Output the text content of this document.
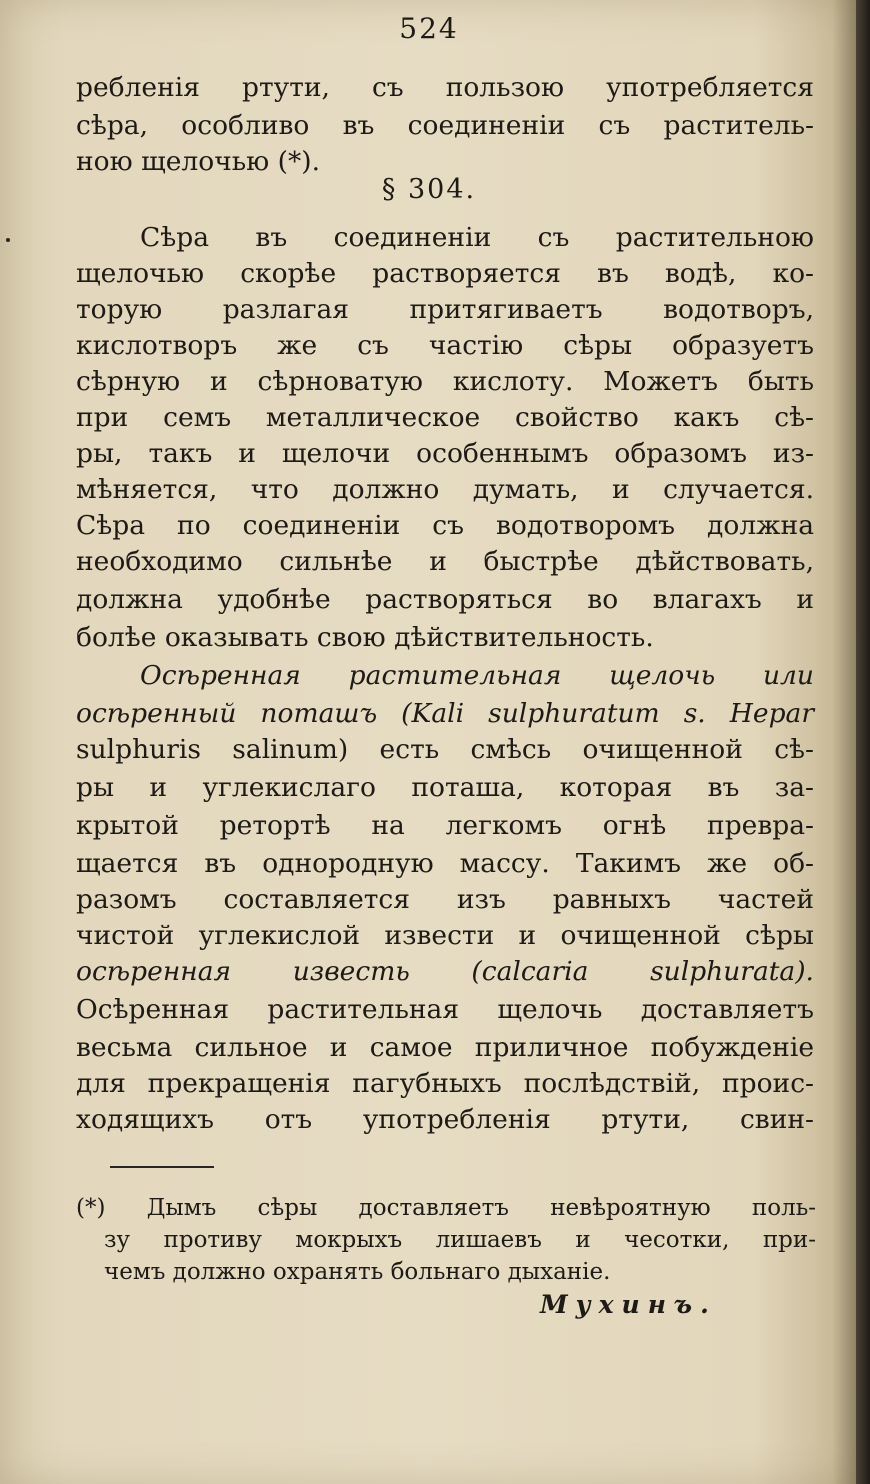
524
ребленія ртути, съ пользою употребляется
сѣра, особливо въ соединеніи съ раститель-
ною щелочью (*).
§ 304.
Сѣра въ соединеніи съ растительною
щелочью скорѣе растворяется въ водѣ, ко-
торую разлагая притягиваетъ водотворъ,
кислотворъ же съ частію сѣры образуетъ
сѣрную и сѣрноватую кислоту. Можетъ быть
при семъ металлическое свойство какъ сѣ-
ры, такъ и щелочи особеннымъ образомъ из-
мѣняется, что должно думать, и случается.
Сѣра по соединеніи съ водотворомъ должна
необходимо сильнѣе и быстрѣе дѣйствовать,
должна удобнѣе растворяться во влагахъ и
болѣе оказывать свою дѣйствительность.
Осѣренная растительная щелочь или
осѣренный поташъ (Kali sulphuratum s. Hepar
sulphuris salinum) есть смѣсь очищенной сѣ-
ры и углекислаго поташа, которая въ за-
крытой ретортѣ на легкомъ огнѣ превра-
щается въ однородную массу. Такимъ же об-
разомъ составляется изъ равныхъ частей
чистой углекислой извести и очищенной сѣры
осѣренная известь (calcaria sulphurata).
Осѣренная растительная щелочь доставляетъ
весьма сильное и самое приличное побужденіе
для прекращенія пагубныхъ послѣдствій, проис-
ходящихъ отъ употребленія ртути, свин-
(*) Дымъ сѣры доставляетъ невѣроятную поль-
зу противу мокрыхъ лишаевъ и чесотки, при-
чемъ должно охранять больнаго дыханіе.
Мухинъ.
